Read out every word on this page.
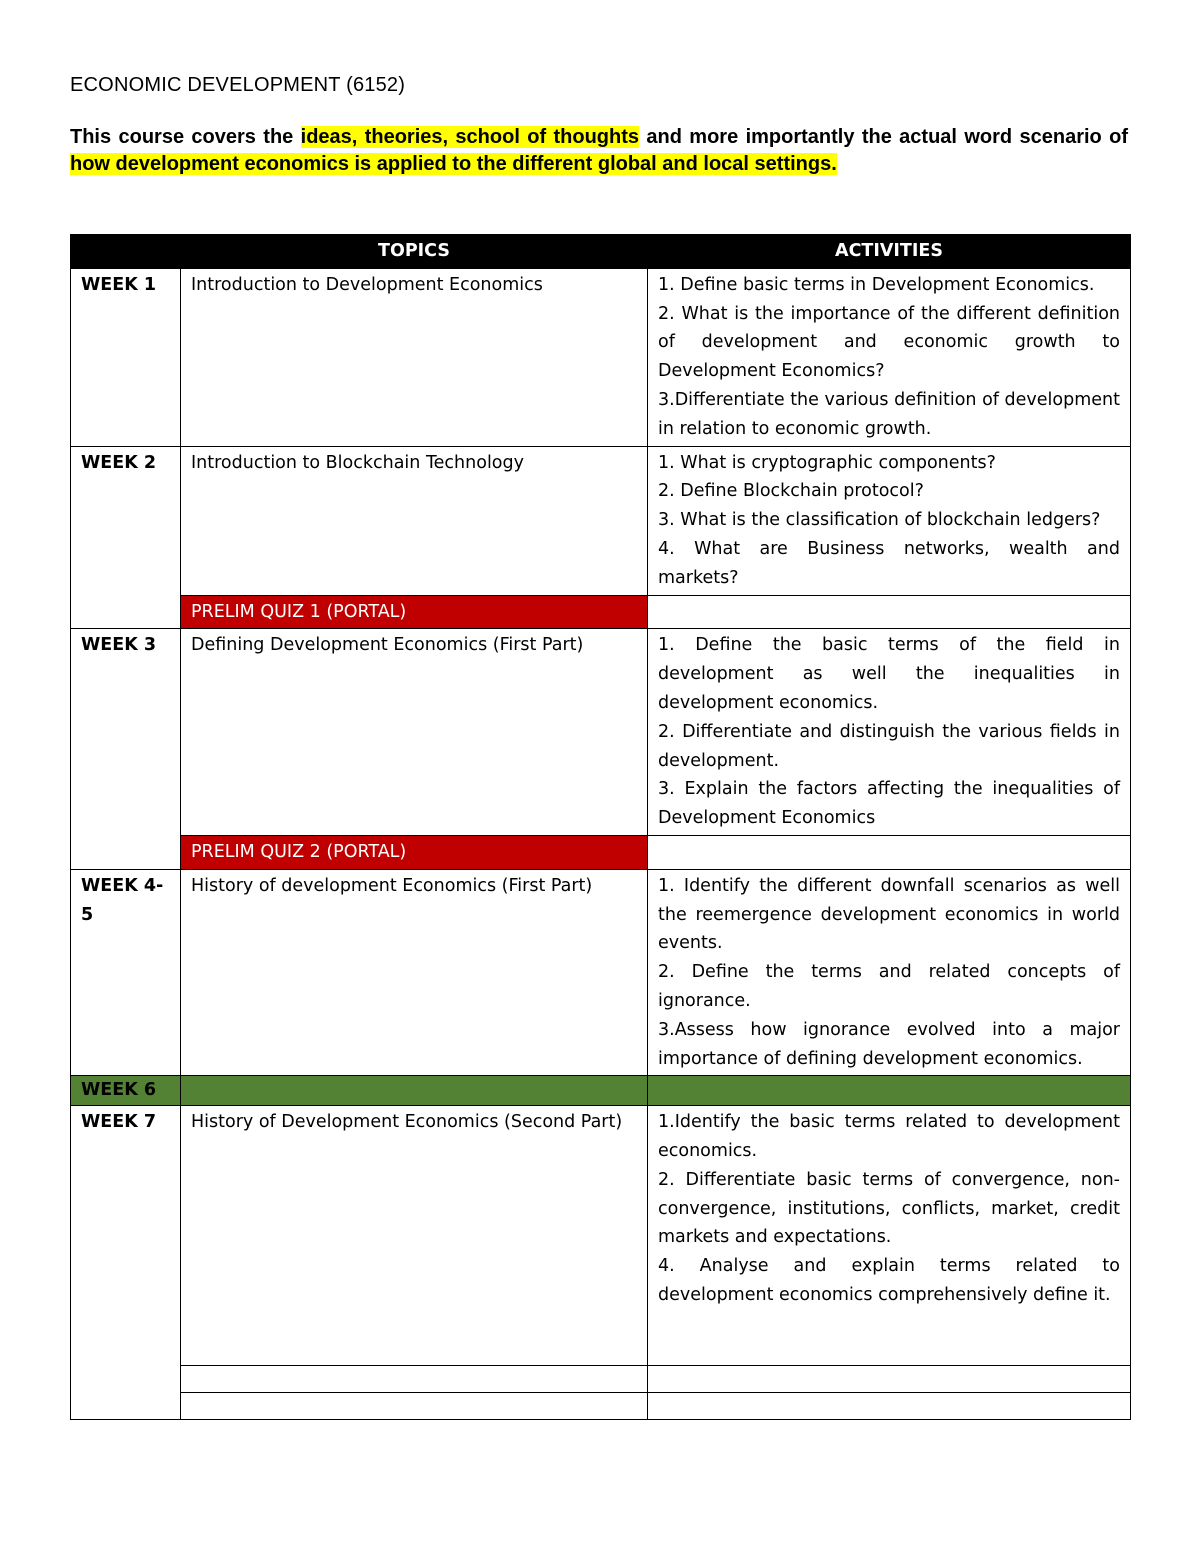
ECONOMIC DEVELOPMENT (6152)
This course covers the ideas, theories, school of thoughts and more importantly the actual word scenario of how development economics is applied to the different global and local settings.
	TOPICS	ACTIVITIES
WEEK 1	Introduction to Development Economics	1. Define basic terms in Development Economics.
2. What is the importance of the different definition of development and economic growth to Development Economics?
3.Differentiate the various definition of development in relation to economic growth.

WEEK 2	Introduction to Blockchain Technology	1. What is cryptographic components?
2. Define Blockchain protocol?
3. What is the classification of blockchain ledgers?
4. What are Business networks, wealth and markets?

	PRELIM QUIZ 1 (PORTAL)	
WEEK 3	Defining Development Economics (First Part)	1. Define the basic terms of the field in development as well the inequalities in development economics.
2. Differentiate and distinguish the various fields in development.
3. Explain the factors affecting the inequalities of Development Economics

	PRELIM QUIZ 2 (PORTAL)	
WEEK 4-5	History of development Economics (First Part)	1. Identify the different downfall scenarios as well the reemergence development economics in world events.
2. Define the terms and related concepts of ignorance.
3.Assess how ignorance evolved into a major importance of defining development economics.

WEEK 6		
WEEK 7	History of Development Economics (Second Part)	1.Identify the basic terms related to development economics.
2. Differentiate basic terms of convergence, non-convergence, institutions, conflicts, market, credit markets and expectations.
4. Analyse and explain terms related to development economics comprehensively define it.
